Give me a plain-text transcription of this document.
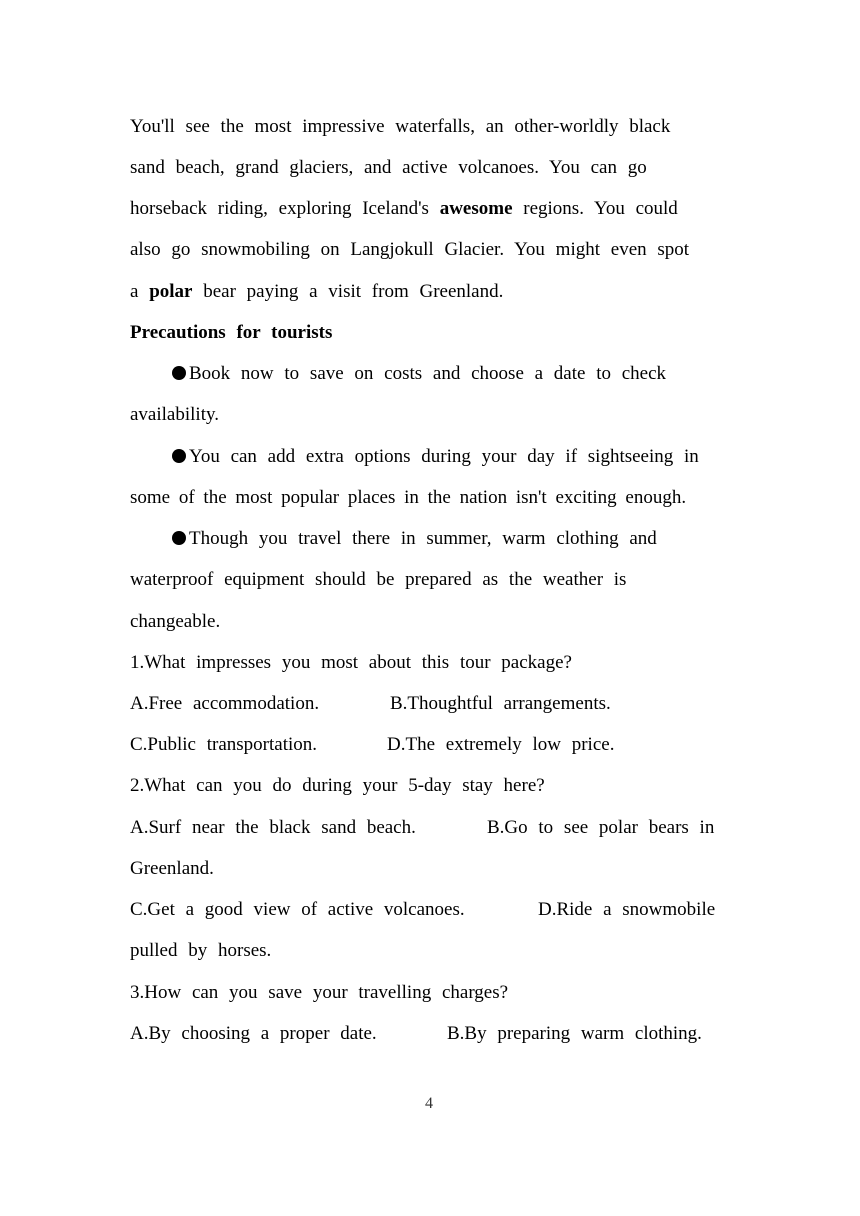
You'll see the most impressive waterfalls, an other-worldly black
sand beach, grand glaciers, and active volcanoes. You can go
horseback riding, exploring Iceland's awesome regions. You could
also go snowmobiling on Langjokull Glacier. You might even spot
a polar bear paying a visit from Greenland.
Precautions for tourists
Book now to save on costs and choose a date to check
availability.
You can add extra options during your day if sightseeing in
some of the most popular places in the nation isn't exciting enough.
Though you travel there in summer, warm clothing and
waterproof equipment should be prepared as the weather is
changeable.
1.What impresses you most about this tour package?
A.Free accommodation.	B.Thoughtful arrangements.
C.Public transportation.	D.The extremely low price.
2.What can you do during your 5-day stay here?
A.Surf near the black sand beach.	B.Go to see polar bears in
Greenland.
C.Get a good view of active volcanoes.	D.Ride a snowmobile
pulled by horses.
3.How can you save your travelling charges?
A.By choosing a proper date.	B.By preparing warm clothing.
4
